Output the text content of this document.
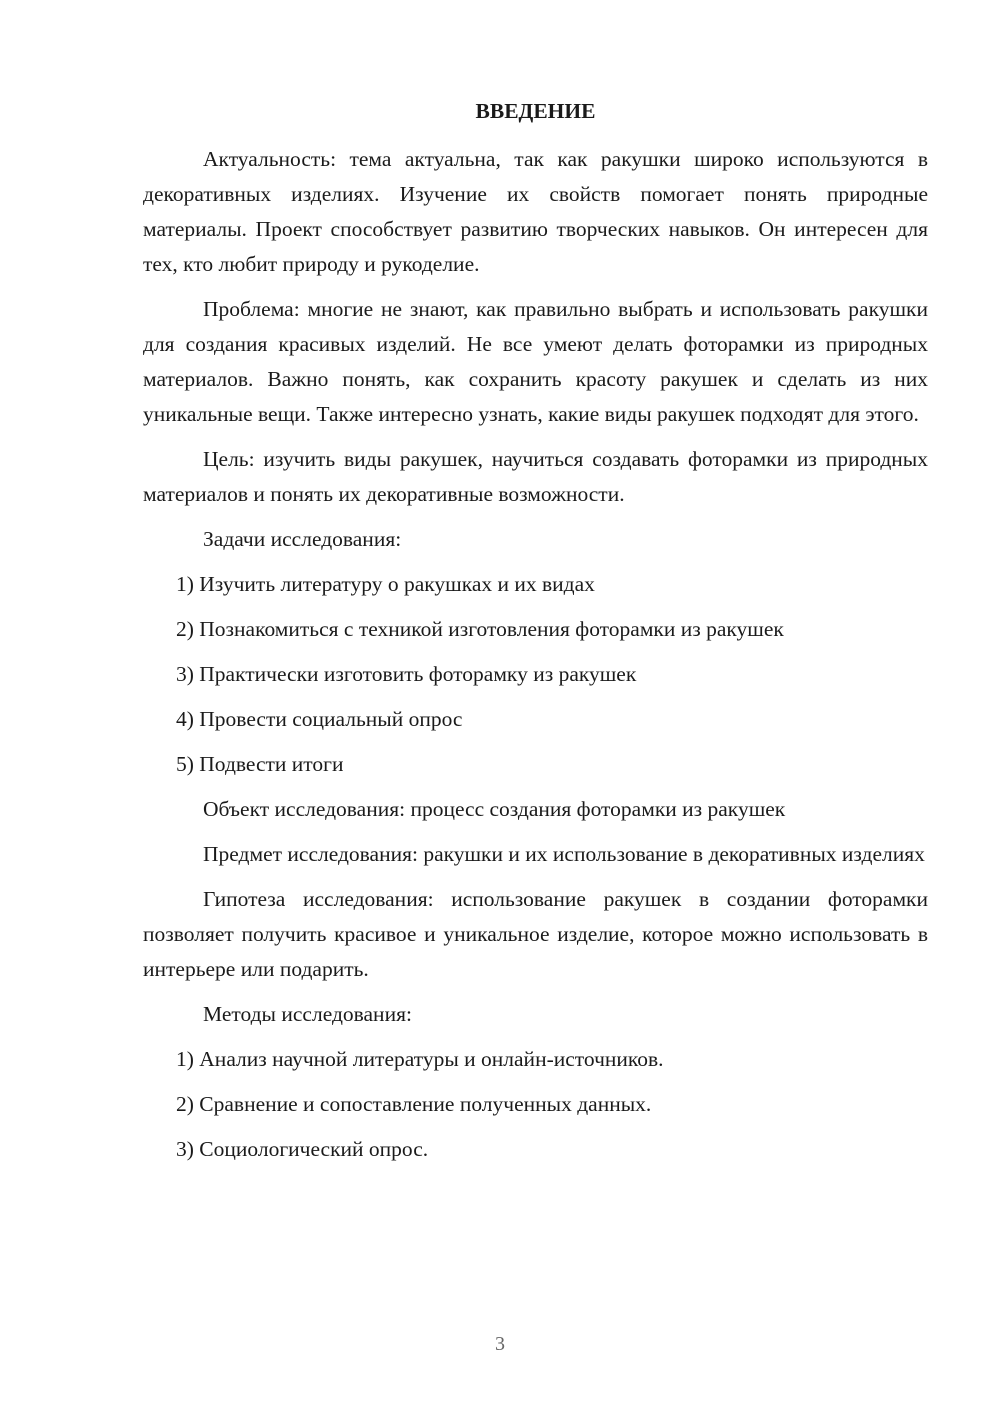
ВВЕДЕНИЕ

Актуальность: тема актуальна, так как ракушки широко используются в декоративных изделиях. Изучение их свойств помогает понять природные материалы. Проект способствует развитию творческих навыков. Он интересен для тех, кто любит природу и рукоделие.

Проблема: многие не знают, как правильно выбрать и использовать ракушки для создания красивых изделий. Не все умеют делать фоторамки из природных материалов. Важно понять, как сохранить красоту ракушек и сделать из них уникальные вещи. Также интересно узнать, какие виды ракушек подходят для этого.

Цель: изучить виды ракушек, научиться создавать фоторамки из природных материалов и понять их декоративные возможности.

Задачи исследования:

1) Изучить литературу о ракушках и их видах

2) Познакомиться с техникой изготовления фоторамки из ракушек

3) Практически изготовить фоторамку из ракушек

4) Провести социальный опрос

5) Подвести итоги

Объект исследования: процесс создания фоторамки из ракушек

Предмет исследования: ракушки и их использование в декоративных изделиях

Гипотеза исследования: использование ракушек в создании фоторамки позволяет получить красивое и уникальное изделие, которое можно использовать в интерьере или подарить.

Методы исследования:

1) Анализ научной литературы и онлайн-источников.

2) Сравнение и сопоставление полученных данных.

3) Социологический опрос.

3
